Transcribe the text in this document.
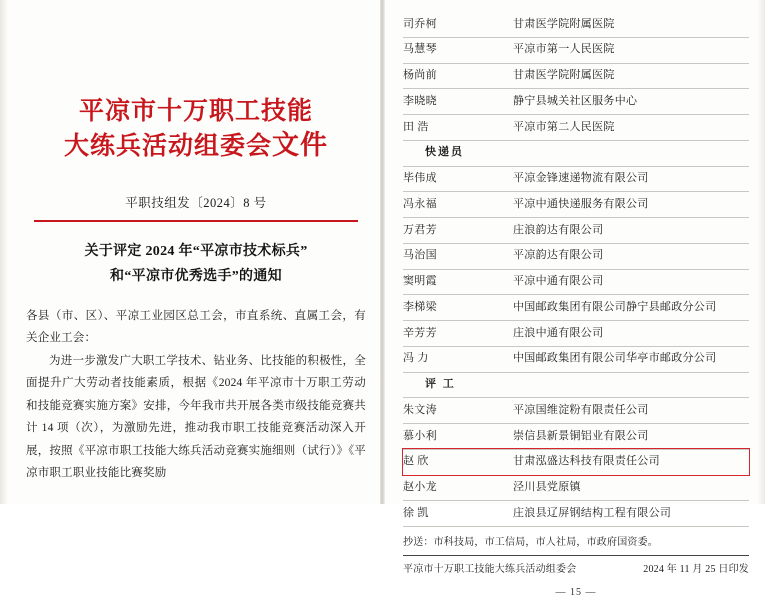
平凉市十万职工技能
大练兵活动组委会文件
平职技组发〔2024〕8 号
关于评定 2024 年“平凉市技术标兵”
和“平凉市优秀选手”的通知

各县（市、区）、平凉工业园区总工会，市直系统、直属工会，有关企业工会：

为进一步激发广大职工学技术、钻业务、比技能的积极性，全面提升广大劳动者技能素质，根据《2024 年平凉市十万职工劳动和技能竞赛实施方案》安排，今年我市共开展各类市级技能竞赛共计 14 项（次），为激励先进，推动我市职工技能竞赛活动深入开展，按照《平凉市职工技能大练兵活动竞赛实施细则（试行）》《平凉市职工职业技能比赛奖励

司乔柯	甘肃医学院附属医院
马慧琴	平凉市第一人民医院
杨尚前	甘肃医学院附属医院
李晓晓	静宁县城关社区服务中心
田 浩	平凉市第二人民医院
快递员	
毕伟成	平凉金锋速递物流有限公司
冯永福	平凉中通快递服务有限公司
万君芳	庄浪韵达有限公司
马治国	平凉韵达有限公司
窦明霞	平凉中通有限公司
李梯梁	中国邮政集团有限公司静宁县邮政分公司
辛芳芳	庄浪中通有限公司
冯 力	中国邮政集团有限公司华亭市邮政分公司
评 工	
朱文涛	平凉国维淀粉有限责任公司
慕小利	崇信县新景铜铝业有限公司
赵 欣	甘肃泓盛达科技有限责任公司
赵小龙	泾川县党原镇
徐 凯	庄浪县辽屏钢结构工程有限公司
抄送：市科技局，市工信局，市人社局，市政府国资委。
平凉市十万职工技能大练兵活动组委会	2024 年 11 月 25 日印发
— 15 —
